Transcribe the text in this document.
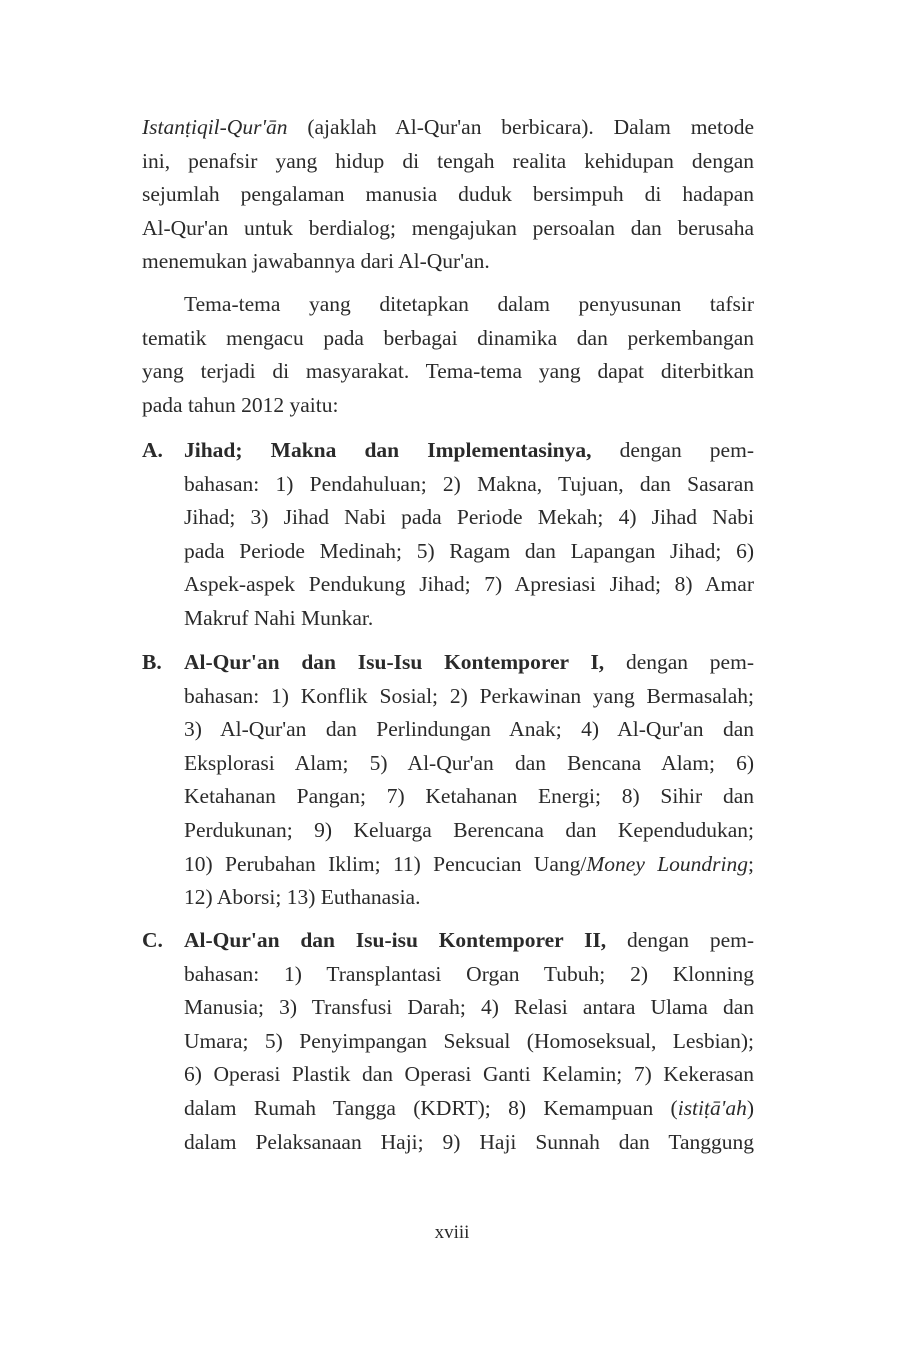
Istanṭiqil-Qur'ān (ajaklah Al-Qur'an berbicara). Dalam metode
ini, penafsir yang hidup di tengah realita kehidupan dengan
sejumlah pengalaman manusia duduk bersimpuh di hadapan
Al-Qur'an untuk berdialog; mengajukan persoalan dan berusaha
menemukan jawabannya dari Al-Qur'an.
Tema-tema yang ditetapkan dalam penyusunan tafsir
tematik mengacu pada berbagai dinamika dan perkembangan
yang terjadi di masyarakat. Tema-tema yang dapat diterbitkan
pada tahun 2012 yaitu:
A. Jihad; Makna dan Implementasinya, dengan pem-
bahasan: 1) Pendahuluan; 2) Makna, Tujuan, dan Sasaran
Jihad; 3) Jihad Nabi pada Periode Mekah; 4) Jihad Nabi
pada Periode Medinah; 5) Ragam dan Lapangan Jihad; 6)
Aspek-aspek Pendukung Jihad; 7) Apresiasi Jihad; 8) Amar
Makruf Nahi Munkar.
B. Al-Qur'an dan Isu-Isu Kontemporer I, dengan pem-
bahasan: 1) Konflik Sosial; 2) Perkawinan yang Bermasalah;
3) Al-Qur'an dan Perlindungan Anak; 4) Al-Qur'an dan
Eksplorasi Alam; 5) Al-Qur'an dan Bencana Alam; 6)
Ketahanan Pangan; 7) Ketahanan Energi; 8) Sihir dan
Perdukunan; 9) Keluarga Berencana dan Kependudukan;
10) Perubahan Iklim; 11) Pencucian Uang/Money Loundring;
12) Aborsi; 13) Euthanasia.
C. Al-Qur'an dan Isu-isu Kontemporer II, dengan pem-
bahasan: 1) Transplantasi Organ Tubuh; 2) Klonning
Manusia; 3) Transfusi Darah; 4) Relasi antara Ulama dan
Umara; 5) Penyimpangan Seksual (Homoseksual, Lesbian);
6) Operasi Plastik dan Operasi Ganti Kelamin; 7) Kekerasan
dalam Rumah Tangga (KDRT); 8) Kemampuan (istiṭā'ah)
dalam Pelaksanaan Haji; 9) Haji Sunnah dan Tanggung
xviii
